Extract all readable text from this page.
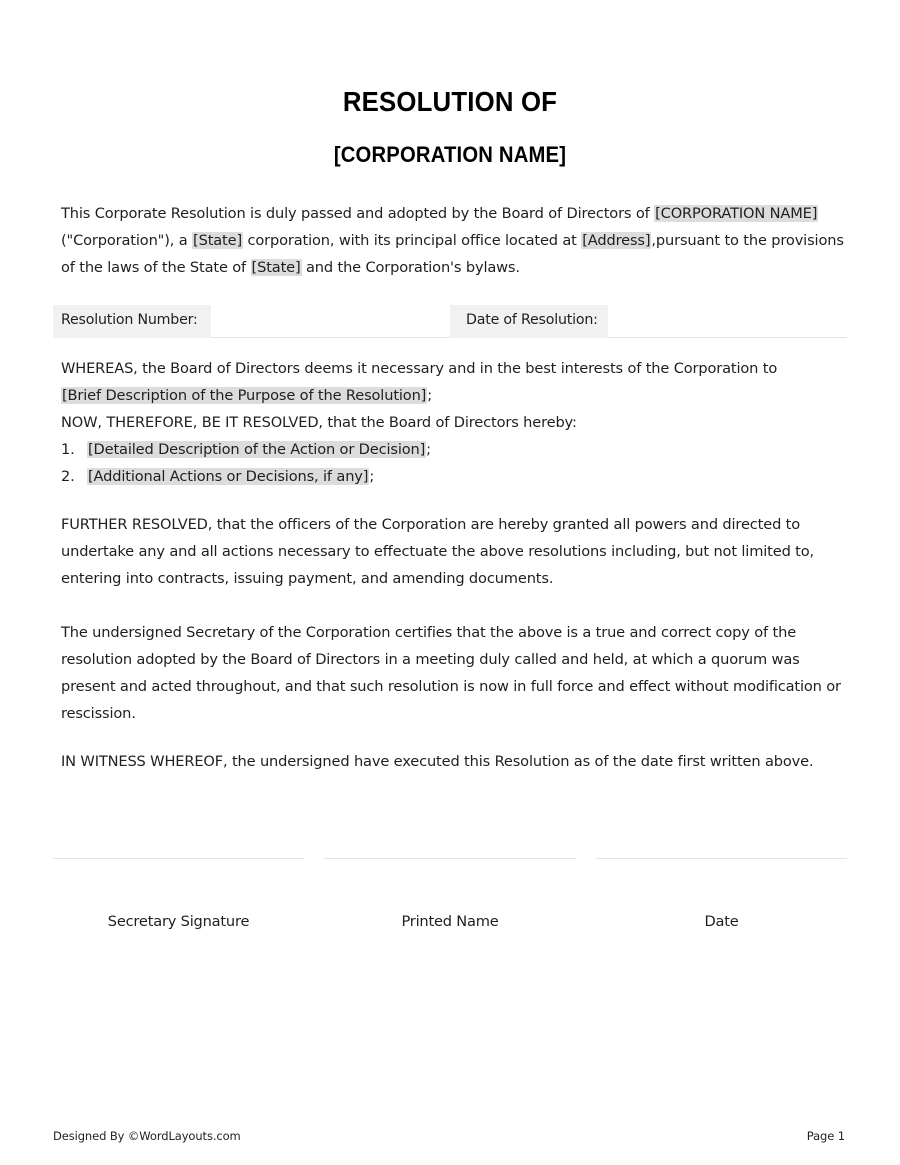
RESOLUTION OF
[CORPORATION NAME]
This Corporate Resolution is duly passed and adopted by the Board of Directors of [CORPORATION NAME] ("Corporation"), a [State] corporation, with its principal office located at [Address],pursuant to the provisions of the laws of the State of [State] and the Corporation's bylaws.
Resolution Number:	Date of Resolution:
WHEREAS, the Board of Directors deems it necessary and in the best interests of the Corporation to
[Brief Description of the Purpose of the Resolution];
NOW, THEREFORE, BE IT RESOLVED, that the Board of Directors hereby:
1. [Detailed Description of the Action or Decision];
2. [Additional Actions or Decisions, if any];
FURTHER RESOLVED, that the officers of the Corporation are hereby granted all powers and directed to undertake any and all actions necessary to effectuate the above resolutions including, but not limited to, entering into contracts, issuing payment, and amending documents.
The undersigned Secretary of the Corporation certifies that the above is a true and correct copy of the resolution adopted by the Board of Directors in a meeting duly called and held, at which a quorum was present and acted throughout, and that such resolution is now in full force and effect without modification or rescission.
IN WITNESS WHEREOF, the undersigned have executed this Resolution as of the date first written above.
Secretary Signature	Printed Name	Date
Designed By ©WordLayouts.com	Page 1
